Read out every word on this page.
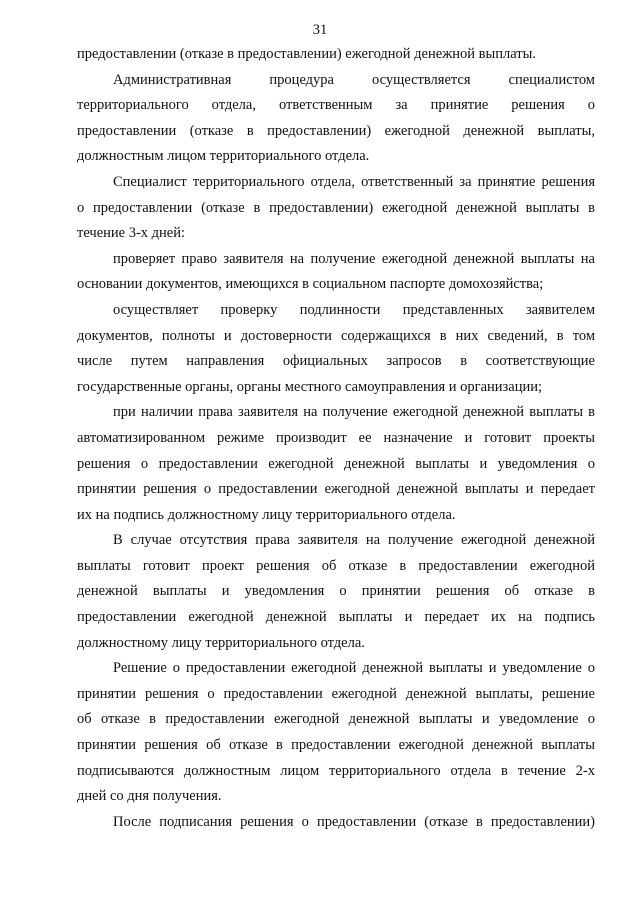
31
предоставлении (отказе в предоставлении) ежегодной денежной выплаты.
Административная процедура осуществляется специалистом
территориального отдела, ответственным за принятие решения о
предоставлении (отказе в предоставлении) ежегодной денежной выплаты,
должностным лицом территориального отдела.
Специалист территориального отдела, ответственный за принятие решения
о предоставлении (отказе в предоставлении) ежегодной денежной выплаты в
течение 3-х дней:
проверяет право заявителя на получение ежегодной денежной выплаты на
основании документов, имеющихся в социальном паспорте домохозяйства;
осуществляет проверку подлинности представленных заявителем
документов, полноты и достоверности содержащихся в них сведений, в том
числе путем направления официальных запросов в соответствующие
государственные органы, органы местного самоуправления и организации;
при наличии права заявителя на получение ежегодной денежной выплаты в
автоматизированном режиме производит ее назначение и готовит проекты
решения о предоставлении ежегодной денежной выплаты и уведомления о
принятии решения о предоставлении ежегодной денежной выплаты и передает
их на подпись должностному лицу территориального отдела.
В случае отсутствия права заявителя на получение ежегодной денежной
выплаты готовит проект решения об отказе в предоставлении ежегодной
денежной выплаты и уведомления о принятии решения об отказе в
предоставлении ежегодной денежной выплаты и передает их на подпись
должностному лицу территориального отдела.
Решение о предоставлении ежегодной денежной выплаты и уведомление о
принятии решения о предоставлении ежегодной денежной выплаты, решение
об отказе в предоставлении ежегодной денежной выплаты и уведомление о
принятии решения об отказе в предоставлении ежегодной денежной выплаты
подписываются должностным лицом территориального отдела в течение 2-х
дней со дня получения.
После подписания решения о предоставлении (отказе в предоставлении)
